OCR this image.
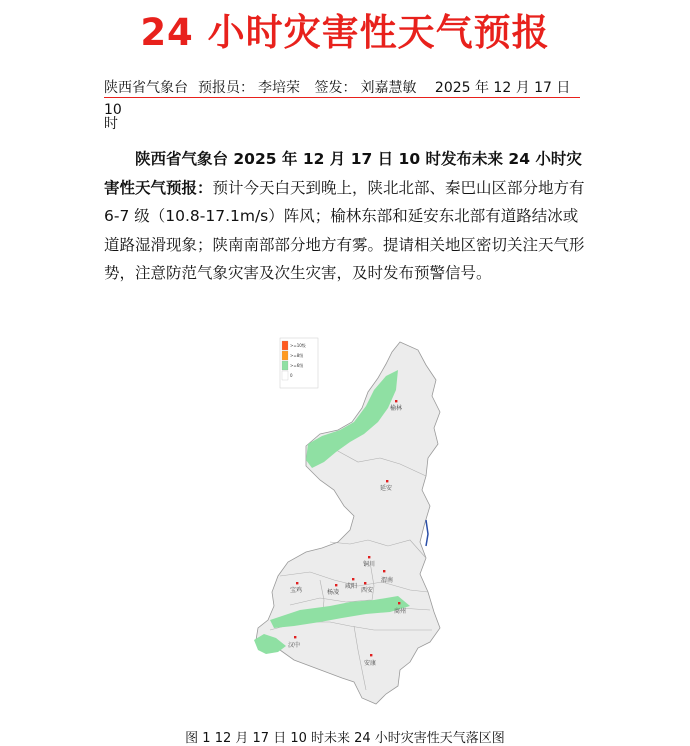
24 小时灾害性天气预报
陕西省气象台 预报员： 李培荣 签发： 刘嘉慧敏 2025 年 12 月 17 日 10
时
陕西省气象台 2025 年 12 月 17 日 10 时发布未来 24 小时灾害性天气预报：预计今天白天到晚上，陕北北部、秦巴山区部分地方有 6-7 级（10.8-17.1m/s）阵风；榆林东部和延安东北部有道路结冰或道路湿滑现象；陕南南部部分地方有雾。提请相关地区密切关注天气形势，注意防范气象灾害及次生灾害，及时发布预警信号。
>=10级
>=8级
>=6级
0
榆林
延安
铜川
渭南
咸阳
西安
宝鸡	杨凌
商州
汉中
安康
图 1 12 月 17 日 10 时未来 24 小时灾害性天气落区图
